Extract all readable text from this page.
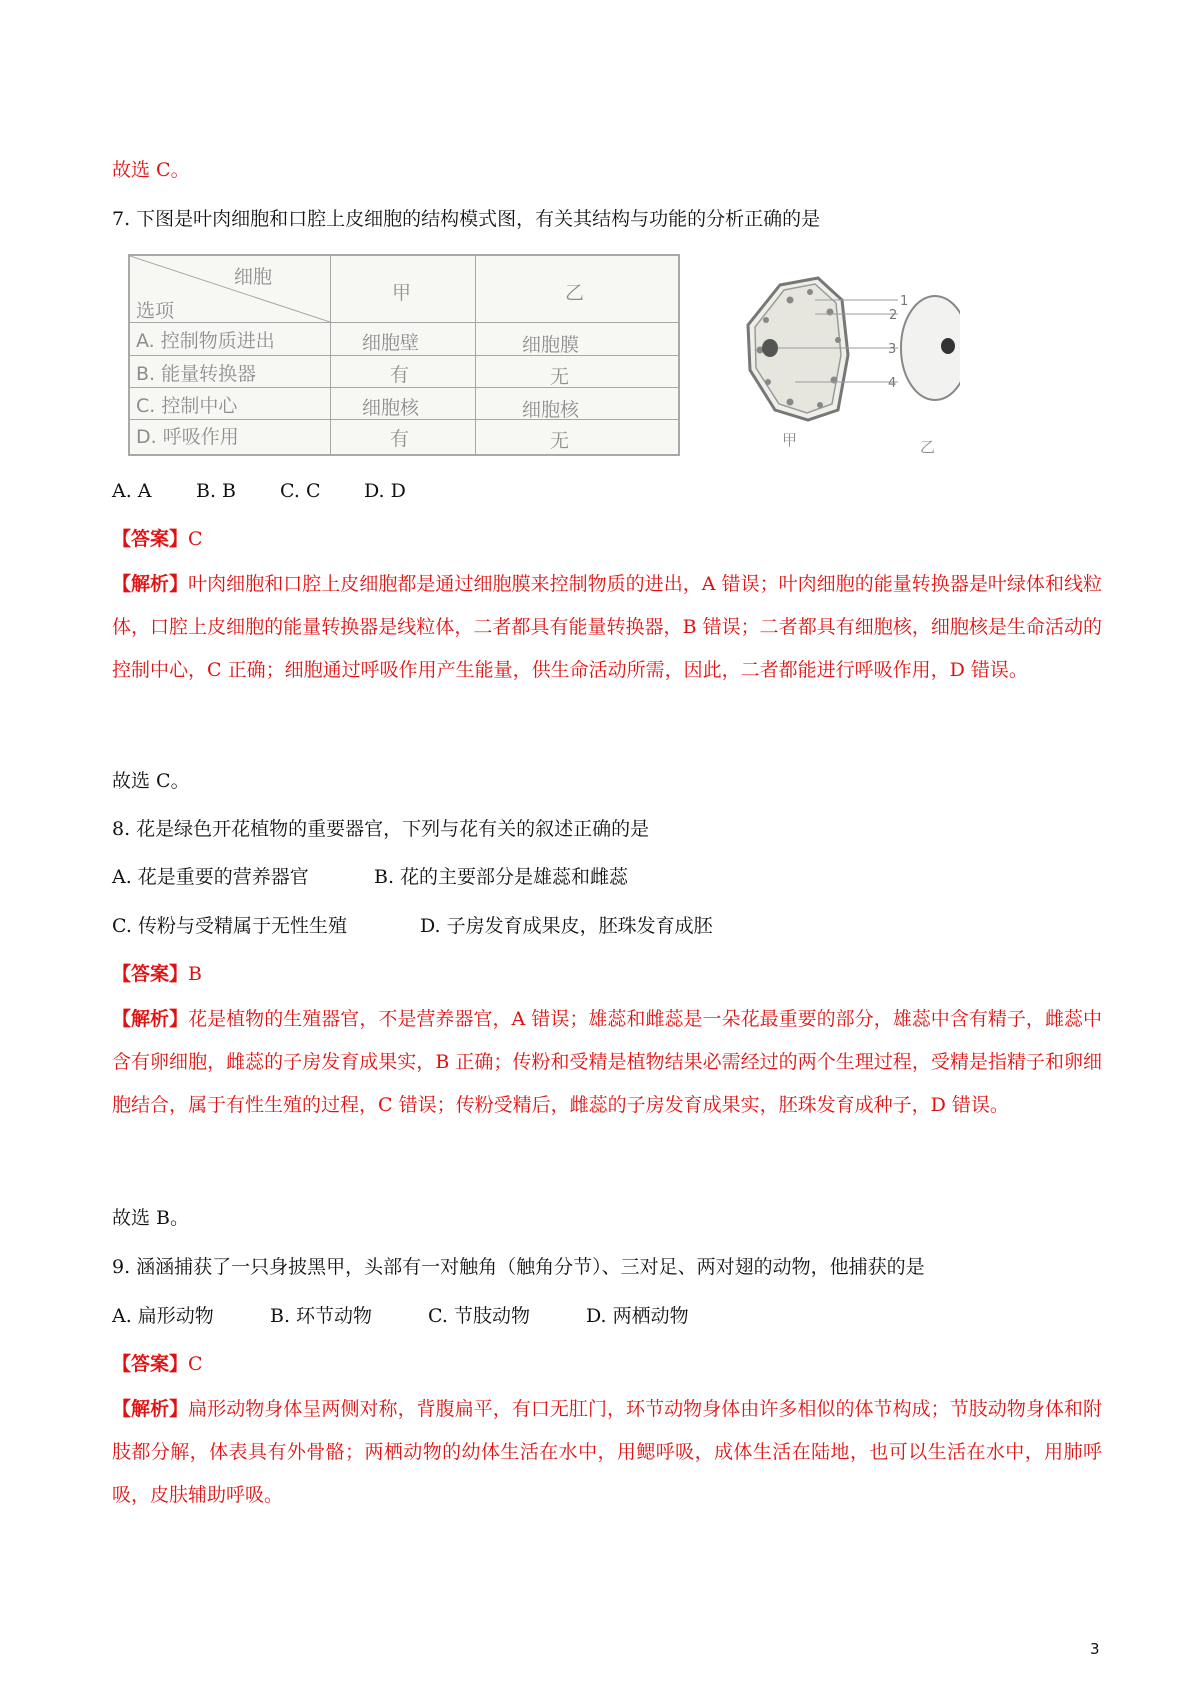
故选 C。
7. 下图是叶肉细胞和口腔上皮细胞的结构模式图，有关其结构与功能的分析正确的是
细胞
选项
甲	乙
A. 控制物质进出	细胞壁	细胞膜
B. 能量转换器	有	无
C. 控制中心	细胞核	细胞核
D. 呼吸作用	有	无
1
2
3
4
甲	乙
A. A B. B C. C D. D
【答案】C
【解析】叶肉细胞和口腔上皮细胞都是通过细胞膜来控制物质的进出，A 错误；叶肉细胞的能量转换器是叶绿体和线粒体，口腔上皮细胞的能量转换器是线粒体，二者都具有能量转换器，B 错误；二者都具有细胞核，细胞核是生命活动的控制中心，C 正确；细胞通过呼吸作用产生能量，供生命活动所需，因此，二者都能进行呼吸作用，D 错误。
故选 C。
8. 花是绿色开花植物的重要器官，下列与花有关的叙述正确的是
A. 花是重要的营养器官	B. 花的主要部分是雄蕊和雌蕊
C. 传粉与受精属于无性生殖	D. 子房发育成果皮，胚珠发育成胚
【答案】B
【解析】花是植物的生殖器官，不是营养器官，A 错误；雄蕊和雌蕊是一朵花最重要的部分，雄蕊中含有精子，雌蕊中含有卵细胞，雌蕊的子房发育成果实，B 正确；传粉和受精是植物结果必需经过的两个生理过程，受精是指精子和卵细胞结合，属于有性生殖的过程，C 错误；传粉受精后，雌蕊的子房发育成果实，胚珠发育成种子，D 错误。
故选 B。
9. 涵涵捕获了一只身披黑甲，头部有一对触角（触角分节）、三对足、两对翅的动物，他捕获的是
A. 扁形动物	B. 环节动物	C. 节肢动物	D. 两栖动物
【答案】C
【解析】扁形动物身体呈两侧对称，背腹扁平，有口无肛门，环节动物身体由许多相似的体节构成；节肢动物身体和附肢都分解，体表具有外骨骼；两栖动物的幼体生活在水中，用鳃呼吸，成体生活在陆地，也可以生活在水中，用肺呼吸，皮肤辅助呼吸。
3
